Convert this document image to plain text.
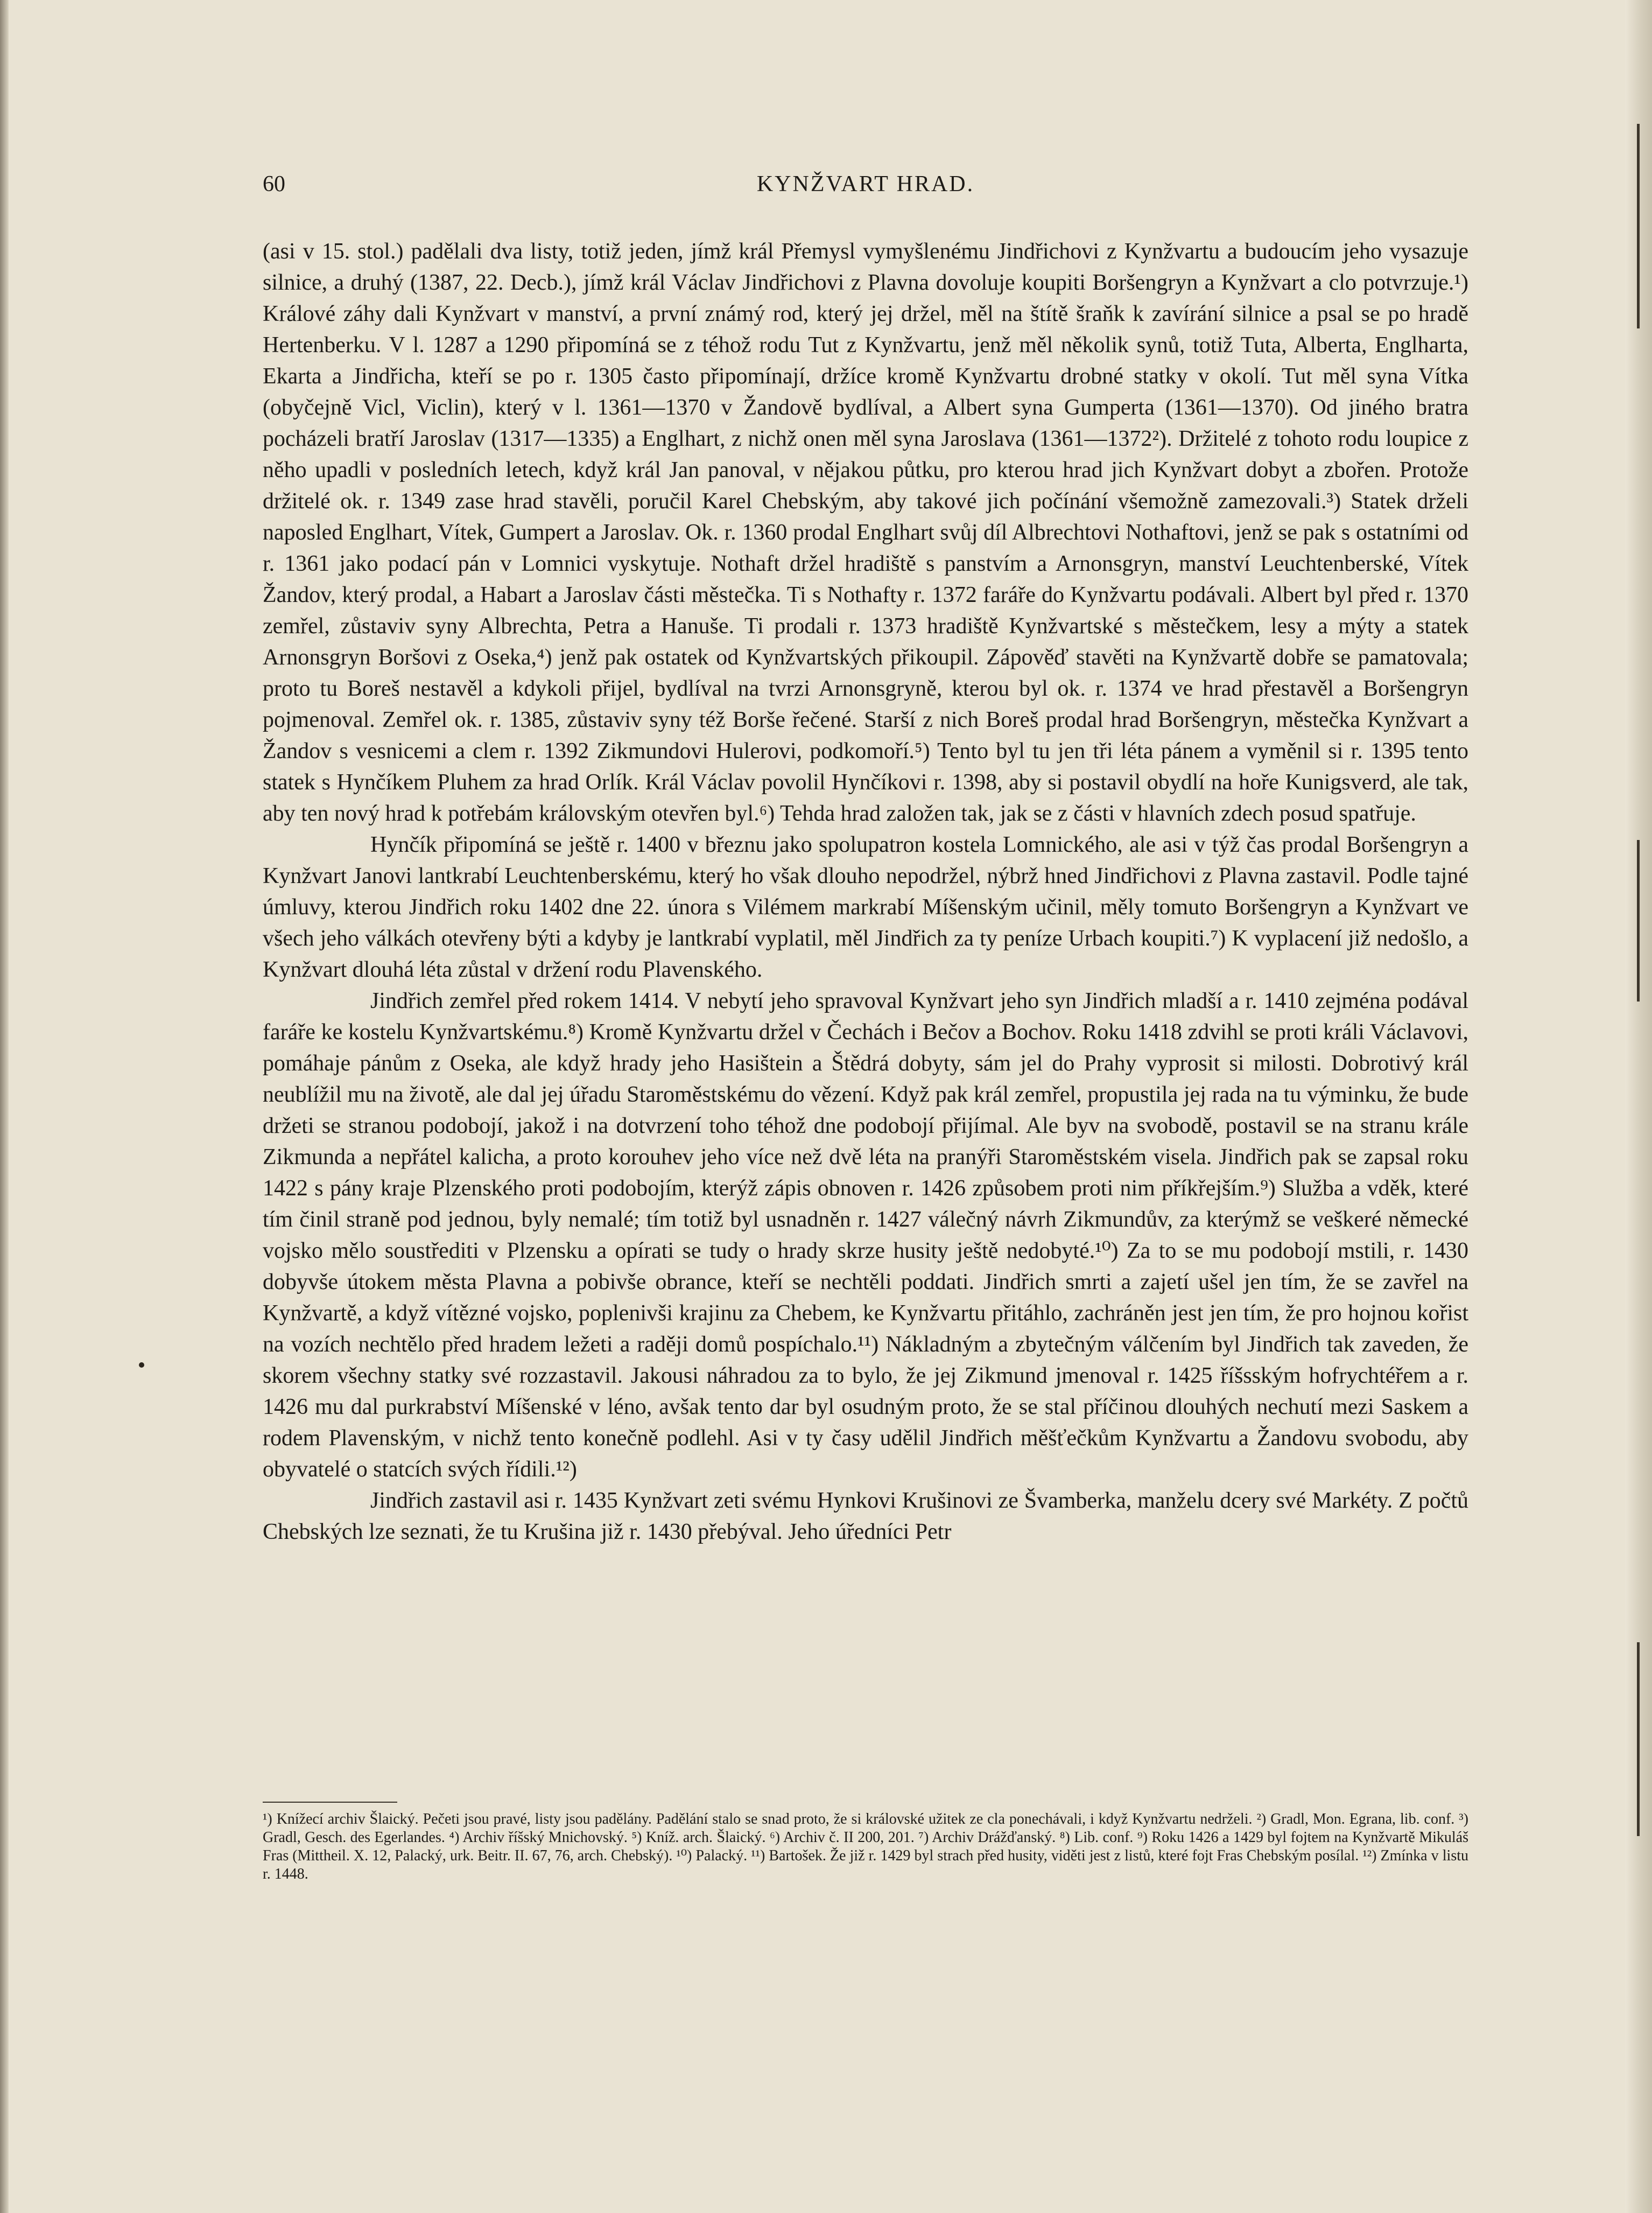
60	KYNŽVART HRAD.

(asi v 15. stol.) padělali dva listy, totiž jeden, jímž král Přemysl vymyšlenému Jindřichovi z Kynžvartu a budoucím jeho vysazuje silnice, a druhý (1387, 22. Decb.), jímž král Václav Jindřichovi z Plavna dovoluje koupiti Boršengryn a Kynžvart a clo potvrzuje.¹) Králové záhy dali Kynžvart v manství, a první známý rod, který jej držel, měl na štítě šraňk k zavírání silnice a psal se po hradě Hertenberku. V l. 1287 a 1290 připomíná se z téhož rodu Tut z Kynžvartu, jenž měl několik synů, totiž Tuta, Alberta, Englharta, Ekarta a Jindřicha, kteří se po r. 1305 často připomínají, držíce kromě Kynžvartu drobné statky v okolí. Tut měl syna Vítka (obyčejně Vicl, Viclin), který v l. 1361—1370 v Žandově bydlíval, a Albert syna Gumperta (1361—1370). Od jiného bratra pocházeli bratří Jaroslav (1317—1335) a Englhart, z nichž onen měl syna Jaroslava (1361—1372²). Držitelé z tohoto rodu loupice z něho upadli v posledních letech, když král Jan panoval, v nějakou půtku, pro kterou hrad jich Kynžvart dobyt a zbořen. Protože držitelé ok. r. 1349 zase hrad stavěli, poručil Karel Chebským, aby takové jich počínání všemožně zamezovali.³) Statek drželi naposled Englhart, Vítek, Gumpert a Jaroslav. Ok. r. 1360 prodal Englhart svůj díl Albrechtovi Nothaftovi, jenž se pak s ostatními od r. 1361 jako podací pán v Lomnici vyskytuje. Nothaft držel hradiště s panstvím a Arnonsgryn, manství Leuchtenberské, Vítek Žandov, který prodal, a Habart a Jaroslav části městečka. Ti s Nothafty r. 1372 faráře do Kynžvartu podávali. Albert byl před r. 1370 zemřel, zůstaviv syny Albrechta, Petra a Hanuše. Ti prodali r. 1373 hradiště Kynžvartské s městečkem, lesy a mýty a statek Arnonsgryn Boršovi z Oseka,⁴) jenž pak ostatek od Kynžvartských přikoupil. Zápověď stavěti na Kynžvartě dobře se pamatovala; proto tu Boreš nestavěl a kdykoli přijel, bydlíval na tvrzi Arnonsgryně, kterou byl ok. r. 1374 ve hrad přestavěl a Boršengryn pojmenoval. Zemřel ok. r. 1385, zůstaviv syny též Borše řečené. Starší z nich Boreš prodal hrad Boršengryn, městečka Kynžvart a Žandov s vesnicemi a clem r. 1392 Zikmundovi Hulerovi, podkomoří.⁵) Tento byl tu jen tři léta pánem a vyměnil si r. 1395 tento statek s Hynčíkem Pluhem za hrad Orlík. Král Václav povolil Hynčíkovi r. 1398, aby si postavil obydlí na hoře Kunigsverd, ale tak, aby ten nový hrad k potřebám královským otevřen byl.⁶) Tehda hrad založen tak, jak se z části v hlavních zdech posud spatřuje.

Hynčík připomíná se ještě r. 1400 v březnu jako spolupatron kostela Lomnického, ale asi v týž čas prodal Boršengryn a Kynžvart Janovi lantkrabí Leuchtenberskému, který ho však dlouho nepodržel, nýbrž hned Jindřichovi z Plavna zastavil. Podle tajné úmluvy, kterou Jindřich roku 1402 dne 22. února s Vilémem markrabí Míšenským učinil, měly tomuto Boršengryn a Kynžvart ve všech jeho válkách otevřeny býti a kdyby je lantkrabí vyplatil, měl Jindřich za ty peníze Urbach koupiti.⁷) K vyplacení již nedošlo, a Kynžvart dlouhá léta zůstal v držení rodu Plavenského.

Jindřich zemřel před rokem 1414. V nebytí jeho spravoval Kynžvart jeho syn Jindřich mladší a r. 1410 zejména podával faráře ke kostelu Kynžvartskému.⁸) Kromě Kynžvartu držel v Čechách i Bečov a Bochov. Roku 1418 zdvihl se proti králi Václavovi, pomáhaje pánům z Oseka, ale když hrady jeho Hasištein a Štědrá dobyty, sám jel do Prahy vyprosit si milosti. Dobrotivý král neublížil mu na životě, ale dal jej úřadu Staroměstskému do vězení. Když pak král zemřel, propustila jej rada na tu výminku, že bude držeti se stranou podobojí, jakož i na dotvrzení toho téhož dne podobojí přijímal. Ale byv na svobodě, postavil se na stranu krále Zikmunda a nepřátel kalicha, a proto korouhev jeho více než dvě léta na pranýři Staroměstském visela. Jindřich pak se zapsal roku 1422 s pány kraje Plzenského proti podobojím, kterýž zápis obnoven r. 1426 způsobem proti nim příkřejším.⁹) Služba a vděk, které tím činil straně pod jednou, byly nemalé; tím totiž byl usnadněn r. 1427 válečný návrh Zikmundův, za kterýmž se veškeré německé vojsko mělo soustřediti v Plzensku a opírati se tudy o hrady skrze husity ještě nedobyté.¹⁰) Za to se mu podobojí mstili, r. 1430 dobyvše útokem města Plavna a pobivše obrance, kteří se nechtěli poddati. Jindřich smrti a zajetí ušel jen tím, že se zavřel na Kynžvartě, a když vítězné vojsko, poplenivši krajinu za Chebem, ke Kynžvartu přitáhlo, zachráněn jest jen tím, že pro hojnou kořist na vozích nechtělo před hradem ležeti a raději domů pospíchalo.¹¹) Nákladným a zbytečným válčením byl Jindřich tak zaveden, že skorem všechny statky své rozzastavil. Jakousi náhradou za to bylo, že jej Zikmund jmenoval r. 1425 říšsským hofrychtéřem a r. 1426 mu dal purkrabství Míšenské v léno, avšak tento dar byl osudným proto, že se stal příčinou dlouhých nechutí mezi Saskem a rodem Plavenským, v nichž tento konečně podlehl. Asi v ty časy udělil Jindřich měšťečkům Kynžvartu a Žandovu svobodu, aby obyvatelé o statcích svých řídili.¹²)

Jindřich zastavil asi r. 1435 Kynžvart zeti svému Hynkovi Krušinovi ze Švamberka, manželu dcery své Markéty. Z počtů Chebských lze seznati, že tu Krušina již r. 1430 přebýval. Jeho úředníci Petr

¹) Knížecí archiv Šlaický. Pečeti jsou pravé, listy jsou padělány. Padělání stalo se snad proto, že si královské užitek ze cla ponechávali, i když Kynžvartu nedrželi. ²) Gradl, Mon. Egrana, lib. conf. ³) Gradl, Gesch. des Egerlandes. ⁴) Archiv říšský Mnichovský. ⁵) Kníž. arch. Šlaický. ⁶) Archiv č. II 200, 201. ⁷) Archiv Drážďanský. ⁸) Lib. conf. ⁹) Roku 1426 a 1429 byl fojtem na Kynžvartě Mikuláš Fras (Mittheil. X. 12, Palacký, urk. Beitr. II. 67, 76, arch. Chebský). ¹⁰) Palacký. ¹¹) Bartošek. Že již r. 1429 byl strach před husity, viděti jest z listů, které fojt Fras Chebským posílal. ¹²) Zmínka v listu r. 1448.
